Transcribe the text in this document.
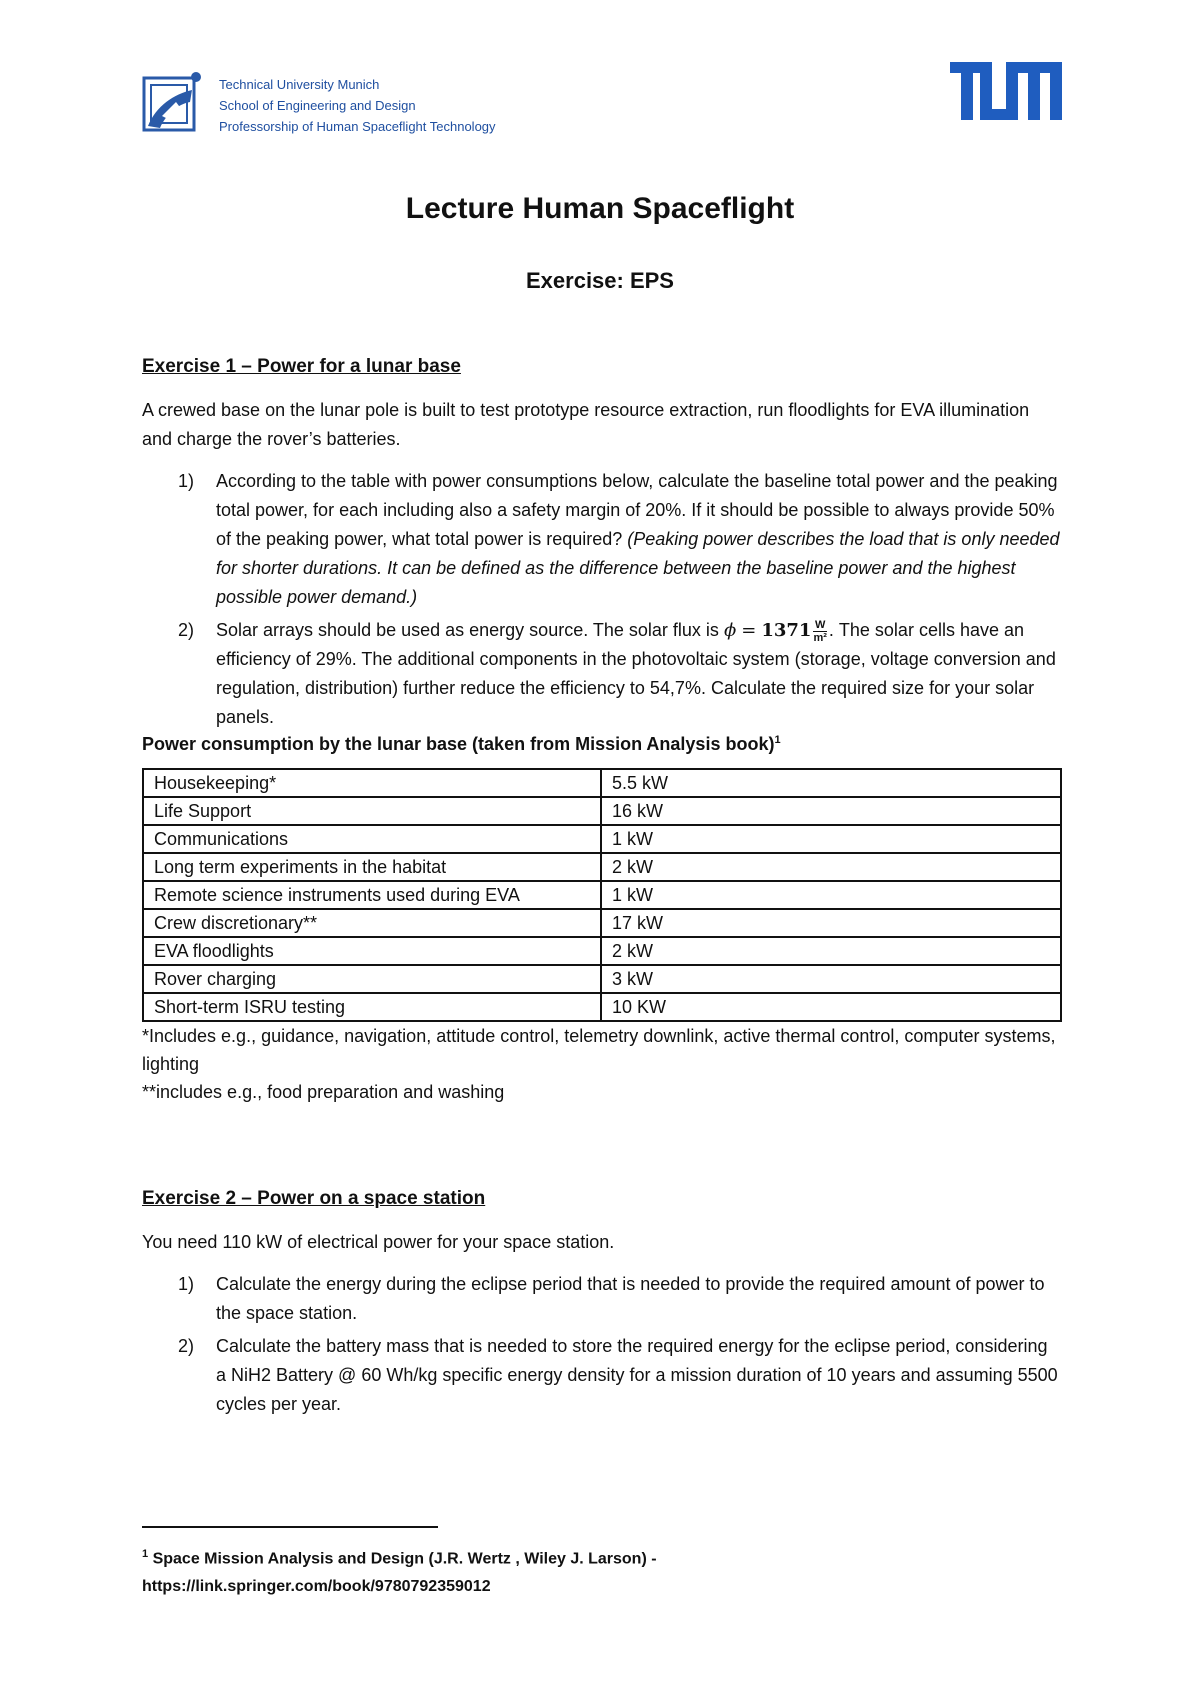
Technical University Munich
School of Engineering and Design
Professorship of Human Spaceflight Technology
Lecture Human Spaceflight
Exercise: EPS

Exercise 1 – Power for a lunar base

A crewed base on the lunar pole is built to test prototype resource extraction, run floodlights for EVA illumination and charge the rover’s batteries.

1) According to the table with power consumptions below, calculate the baseline total power and the peaking total power, for each including also a safety margin of 20%. If it should be possible to always provide 50% of the peaking power, what total power is required? (Peaking power describes the load that is only needed for shorter durations. It can be defined as the difference between the baseline power and the highest possible power demand.)
2) Solar arrays should be used as energy source. The solar flux is $\phi = 1371 \frac{W}{\text{m²}}$ . The solar cells have an efficiency of 29%. The additional components in the photovoltaic system (storage, voltage conversion and regulation, distribution) further reduce the efficiency to 54,7%. Calculate the required size for your solar panels.

Power consumption by the lunar base (taken from Mission Analysis book)$^1$

Housekeeping*	5.5 kW
Life Support	16 kW
Communications	1 kW
Long term experiments in the habitat	2 kW
Remote science instruments used during EVA	1 kW
Crew discretionary**	17 kW
EVA floodlights	2 kW
Rover charging	3 kW
Short-term ISRU testing	10 KW

*Includes e.g., guidance, navigation, attitude control, telemetry downlink, active thermal control, computer systems, lighting

**includes e.g., food preparation and washing

Exercise 2 – Power on a space station

You need 110 kW of electrical power for your space station.

1) Calculate the energy during the eclipse period that is needed to provide the required amount of power to the space station.
2) Calculate the battery mass that is needed to store the required energy for the eclipse period, considering a NiH2 Battery @ 60 Wh/kg specific energy density for a mission duration of 10 years and assuming 5500 cycles per year.
$^1$ Space Mission Analysis and Design (J.R. Wertz , Wiley J. Larson) -
https://link.springer.com/book/9780792359012
